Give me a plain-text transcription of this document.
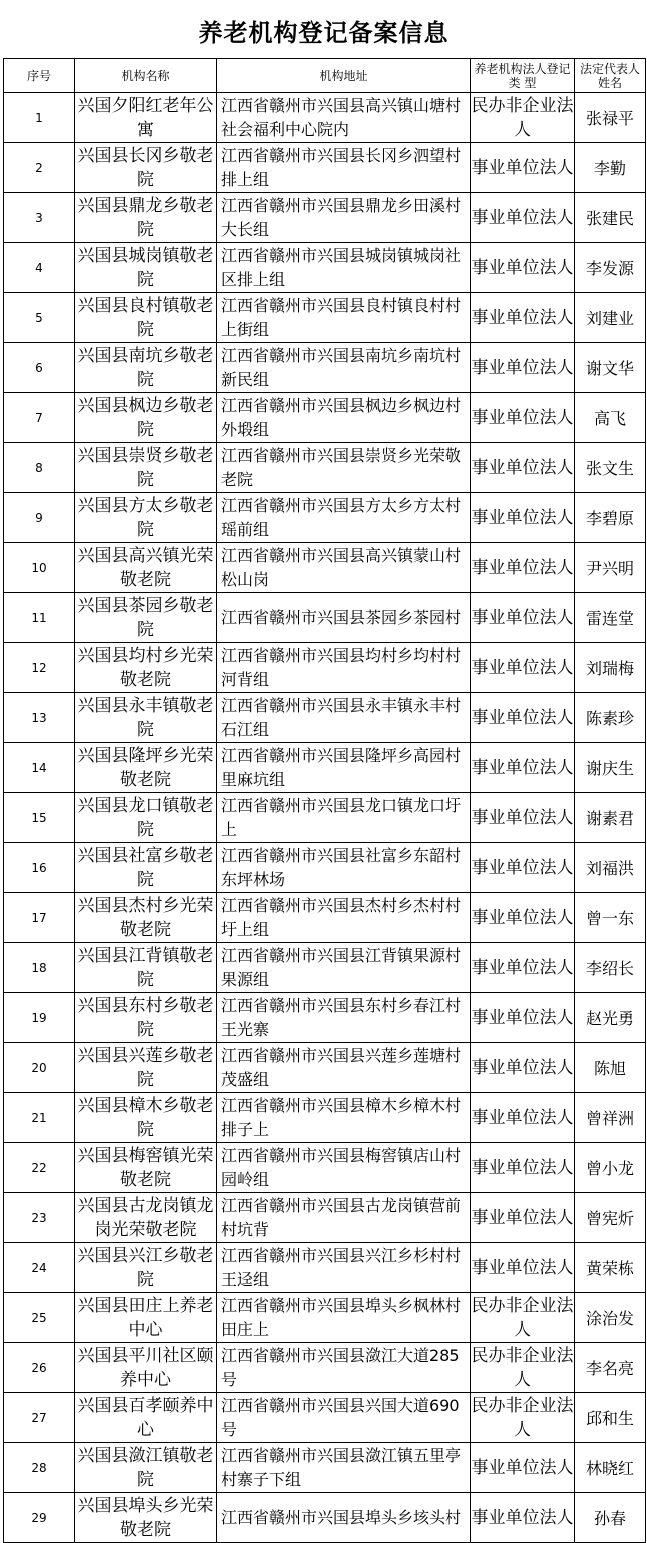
养老机构登记备案信息
序号	机构名称	机构地址	养老机构法人登记类 型	法定代表人姓名
1	兴国夕阳红老年公寓	江西省赣州市兴国县高兴镇山塘村社会福利中心院内	民办非企业法人	张禄平
2	兴国县长冈乡敬老院	江西省赣州市兴国县长冈乡泗望村排上组	事业单位法人	李勤
3	兴国县鼎龙乡敬老院	江西省赣州市兴国县鼎龙乡田溪村大长组	事业单位法人	张建民
4	兴国县城岗镇敬老院	江西省赣州市兴国县城岗镇城岗社区排上组	事业单位法人	李发源
5	兴国县良村镇敬老院	江西省赣州市兴国县良村镇良村村上街组	事业单位法人	刘建业
6	兴国县南坑乡敬老院	江西省赣州市兴国县南坑乡南坑村新民组	事业单位法人	谢文华
7	兴国县枫边乡敬老院	江西省赣州市兴国县枫边乡枫边村外塅组	事业单位法人	高飞
8	兴国县崇贤乡敬老院	江西省赣州市兴国县崇贤乡光荣敬老院	事业单位法人	张文生
9	兴国县方太乡敬老院	江西省赣州市兴国县方太乡方太村瑶前组	事业单位法人	李碧原
10	兴国县高兴镇光荣敬老院	江西省赣州市兴国县高兴镇蒙山村松山岗	事业单位法人	尹兴明
11	兴国县茶园乡敬老院	江西省赣州市兴国县茶园乡茶园村	事业单位法人	雷连堂
12	兴国县均村乡光荣敬老院	江西省赣州市兴国县均村乡均村村河背组	事业单位法人	刘瑞梅
13	兴国县永丰镇敬老院	江西省赣州市兴国县永丰镇永丰村石江组	事业单位法人	陈素珍
14	兴国县隆坪乡光荣敬老院	江西省赣州市兴国县隆坪乡高园村里麻坑组	事业单位法人	谢庆生
15	兴国县龙口镇敬老院	江西省赣州市兴国县龙口镇龙口圩上	事业单位法人	谢素君
16	兴国县社富乡敬老院	江西省赣州市兴国县社富乡东韶村东坪林场	事业单位法人	刘福洪
17	兴国县杰村乡光荣敬老院	江西省赣州市兴国县杰村乡杰村村圩上组	事业单位法人	曾一东
18	兴国县江背镇敬老院	江西省赣州市兴国县江背镇果源村果源组	事业单位法人	李绍长
19	兴国县东村乡敬老院	江西省赣州市兴国县东村乡春江村王光寨	事业单位法人	赵光勇
20	兴国县兴莲乡敬老院	江西省赣州市兴国县兴莲乡莲塘村茂盛组	事业单位法人	陈旭
21	兴国县樟木乡敬老院	江西省赣州市兴国县樟木乡樟木村排子上	事业单位法人	曾祥洲
22	兴国县梅窖镇光荣敬老院	江西省赣州市兴国县梅窖镇店山村园岭组	事业单位法人	曾小龙
23	兴国县古龙岗镇龙岗光荣敬老院	江西省赣州市兴国县古龙岗镇营前村坑背	事业单位法人	曾宪炘
24	兴国县兴江乡敬老院	江西省赣州市兴国县兴江乡杉村村王迳组	事业单位法人	黄荣栋
25	兴国县田庄上养老中心	江西省赣州市兴国县埠头乡枫林村田庄上	民办非企业法人	涂治发
26	兴国县平川社区颐养中心	江西省赣州市兴国县潋江大道285号	民办非企业法人	李名亮
27	兴国县百孝颐养中心	江西省赣州市兴国县兴国大道690号	民办非企业法人	邱和生
28	兴国县潋江镇敬老院	江西省赣州市兴国县潋江镇五里亭村寨子下组	事业单位法人	林晓红
29	兴国县埠头乡光荣敬老院	江西省赣州市兴国县埠头乡垓头村	事业单位法人	孙春
